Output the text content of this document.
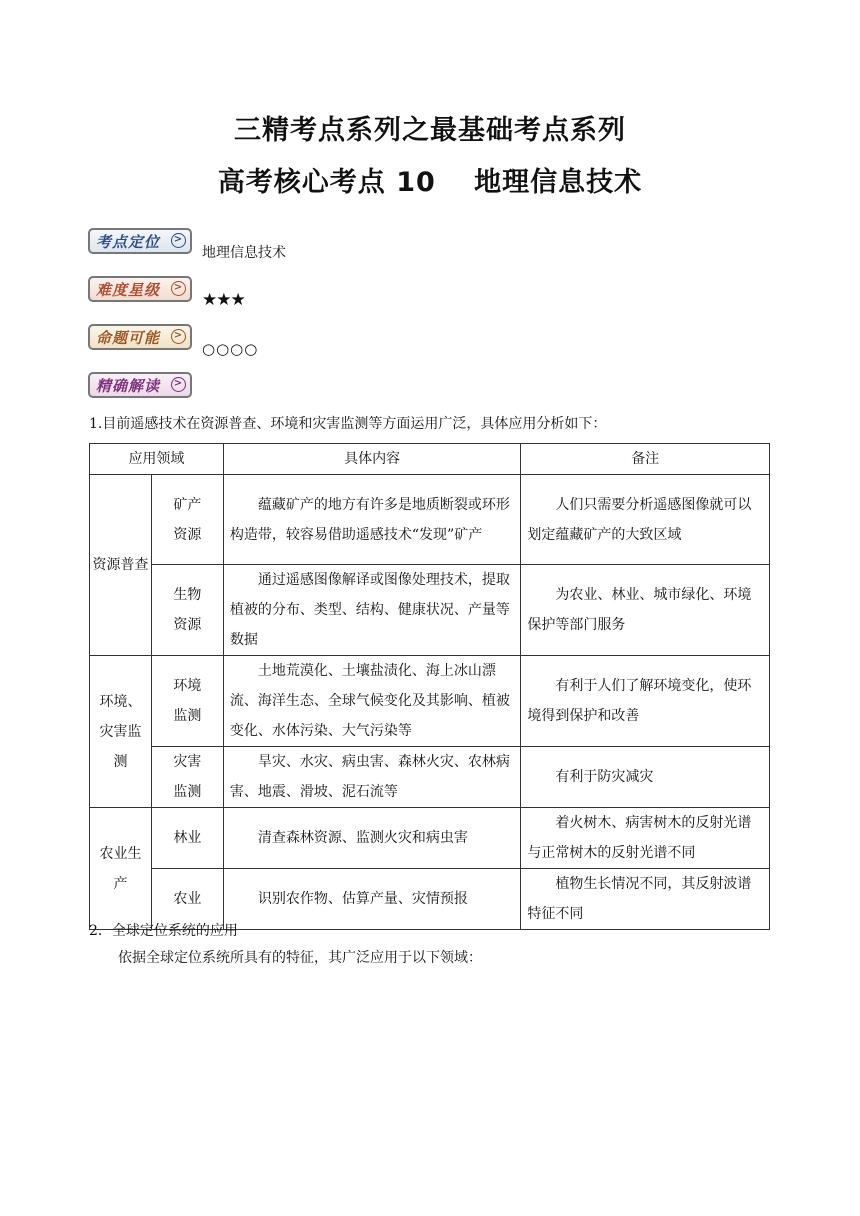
三精考点系列之最基础考点系列
高考核心考点 10　 地理信息技术
考点定位 >
地理信息技术
难度星级 >
★★★
命题可能 >
○○○○
精确解读 >
1.目前遥感技术在资源普查、环境和灾害监测等方面运用广泛，具体应用分析如下：
应用领域		具体内容	备注
资源普查	矿产资源	蕴藏矿产的地方有许多是地质断裂或环形构造带，较容易借助遥感技术“发现”矿产	人们只需要分析遥感图像就可以划定蕴藏矿产的大致区域
	生物资源	通过遥感图像解译或图像处理技术，提取植被的分布、类型、结构、健康状况、产量等数据	为农业、林业、城市绿化、环境保护等部门服务
环境、灾害监测	环境监测	土地荒漠化、土壤盐渍化、海上冰山漂流、海洋生态、全球气候变化及其影响、植被变化、水体污染、大气污染等	有利于人们了解环境变化，使环境得到保护和改善
	灾害监测	旱灾、水灾、病虫害、森林火灾、农林病害、地震、滑坡、泥石流等	有利于防灾减灾
农业生产	林业	清查森林资源、监测火灾和病虫害	着火树木、病害树木的反射光谱与正常树木的反射光谱不同
	农业	识别农作物、估算产量、灾情预报	植物生长情况不同，其反射波谱特征不同
2．全球定位系统的应用
依据全球定位系统所具有的特征，其广泛应用于以下领域：
